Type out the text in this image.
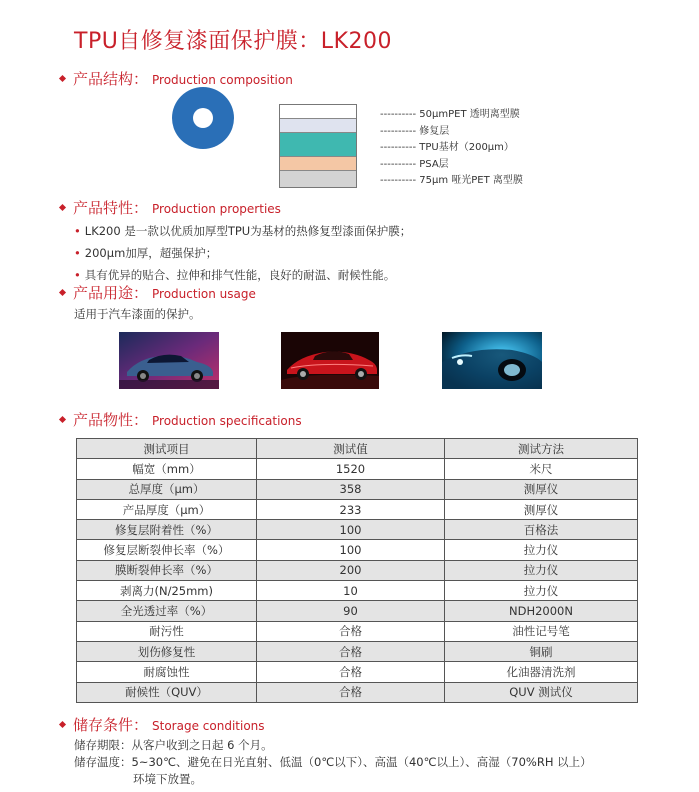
TPU自修复漆面保护膜：LK200
产品结构： Production composition
---------- 50μmPET 透明离型膜
---------- 修复层
---------- TPU基材（200μm）
---------- PSA层
---------- 75μm 哑光PET 离型膜
产品特性： Production properties
• LK200 是一款以优质加厚型TPU为基材的热修复型漆面保护膜；
• 200μm加厚，超强保护；
• 具有优异的贴合、拉伸和排气性能，良好的耐温、耐候性能。
产品用途： Production usage
适用于汽车漆面的保护。
产品物性： Production specifications
测试项目	测试值	测试方法
幅宽（mm）	1520	米尺
总厚度（μm）	358	测厚仪
产品厚度（μm）	233	测厚仪
修复层附着性（%）	100	百格法
修复层断裂伸长率（%）	100	拉力仪
膜断裂伸长率（%）	200	拉力仪
剥离力(N/25mm)	10	拉力仪
全光透过率（%）	90	NDH2000N
耐污性	合格	油性记号笔
划伤修复性	合格	铜刷
耐腐蚀性	合格	化油器清洗剂
耐候性（QUV）	合格	QUV 测试仪
储存条件： Storage conditions
储存期限：从客户收到之日起 6 个月。
储存温度：5~30℃、避免在日光直射、低温（0℃以下）、高温（40℃以上）、高湿（70%RH 以上）
环境下放置。
